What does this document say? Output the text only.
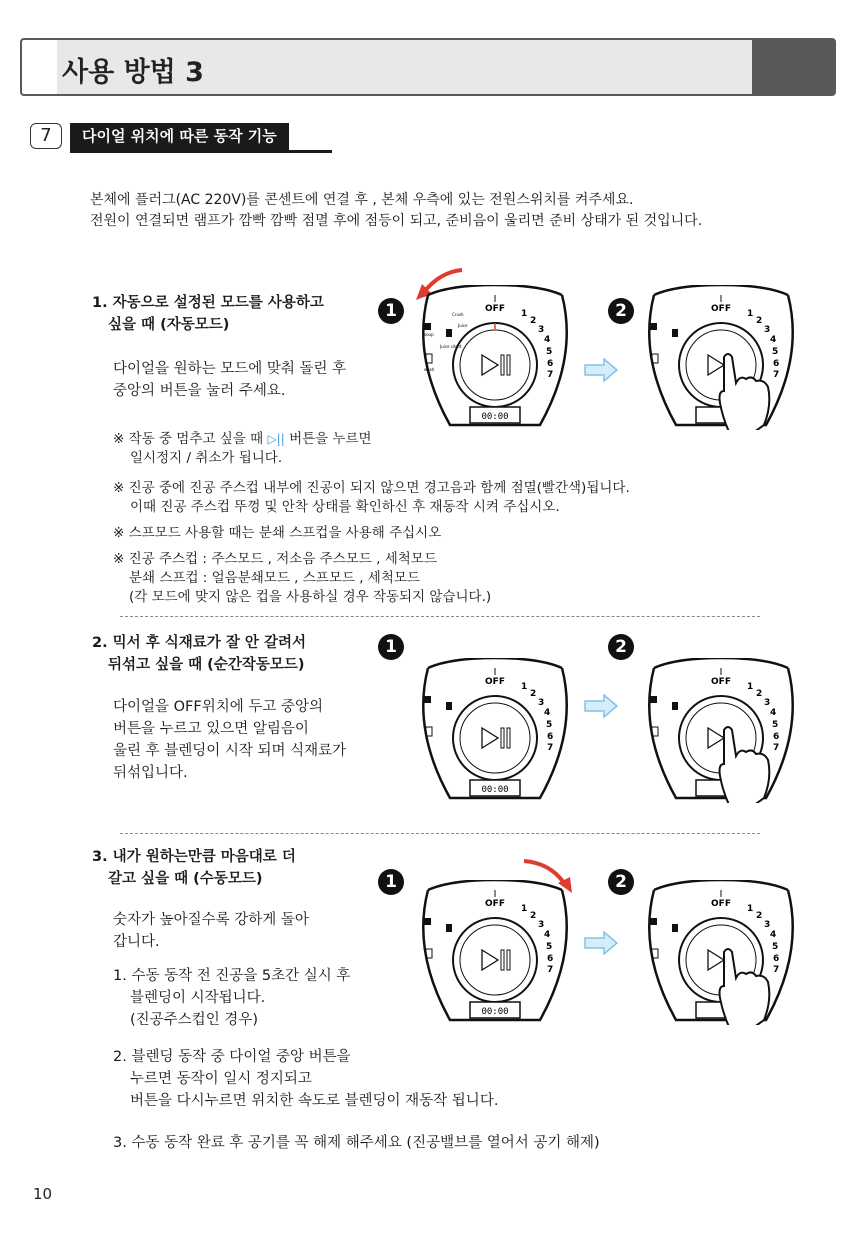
사용 방법 3
7	다이얼 위치에 따른 동작 기능
본체에 플러그(AC 220V)를 콘센트에 연결 후 , 본체 우측에 있는 전원스위치를 켜주세요.
전원이 연결되면 램프가 깜빡 깜빡 점멸 후에 점등이 되고, 준비음이 울리면 준비 상태가 된 것입니다.
1. 자동으로 설정된 모드를 사용하고
싶을 때 (자동모드)
다이얼을 원하는 모드에 맞춰 돌린 후
중앙의 버튼을 눌러 주세요.
※ 작동 중 멈추고 싶을 때 ▷|| 버튼을 누르면
일시정지 / 취소가 됩니다.
※ 진공 중에 진공 주스컵 내부에 진공이 되지 않으면 경고음과 함께 점멸(빨간색)됩니다.
이때 진공 주스컵 뚜껑 및 안착 상태를 확인하신 후 재동작 시켜 주십시오.
※ 스프모드 사용할 때는 분쇄 스프컵을 사용해 주십시오
※ 진공 주스컵 : 주스모드 , 저소음 주스모드 , 세척모드
분쇄 스프컵 : 얼음분쇄모드 , 스프모드 , 세척모드
(각 모드에 맞지 않은 컵을 사용하실 경우 작동되지 않습니다.)
1	2
00:00
OFF 1
2
3
4
5
6
7
Crush
Juice
soup
Juice silent
wash
OFF 1
2
3
4
5
6
7
2. 믹서 후 식재료가 잘 안 갈려서
뒤섞고 싶을 때 (순간작동모드)
다이얼을 OFF위치에 두고 중앙의
버튼을 누르고 있으면 알림음이
울린 후 블렌딩이 시작 되며 식재료가
뒤섞입니다.
1	2
00:00
OFF 1
2
3
4
5
6
7
OFF 1
2
3
4
5
6
7
3. 내가 원하는만큼 마음대로 더
갈고 싶을 때 (수동모드)
숫자가 높아질수록 강하게 돌아
갑니다.
1. 수동 동작 전 진공을 5초간 실시 후
블렌딩이 시작됩니다.
(진공주스컵인 경우)
2. 블렌딩 동작 중 다이얼 중앙 버튼을
누르면 동작이 일시 정지되고
버튼을 다시누르면 위치한 속도로 블렌딩이 재동작 됩니다.
3. 수동 동작 완료 후 공기를 꼭 해제 해주세요 (진공밸브를 열어서 공기 해제)
1	2
00:00
OFF 1
2
3
4
5
6
7
OFF 1
2
3
4
5
6
7
10
